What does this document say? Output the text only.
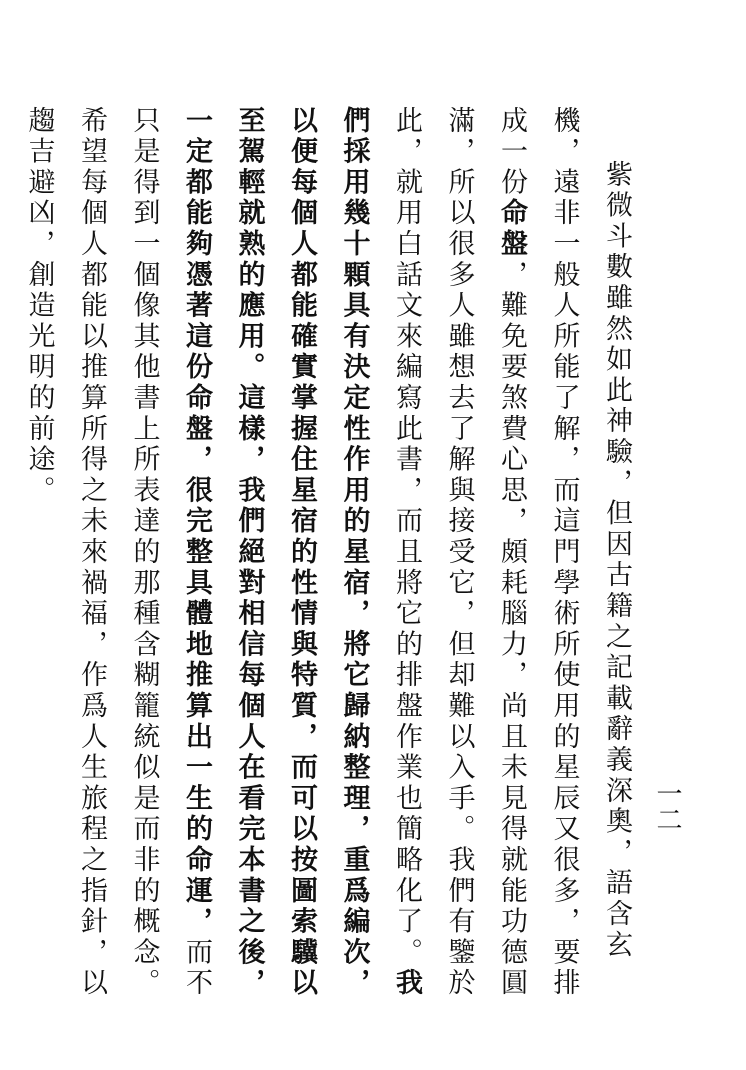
一二

紫微斗數雖然如此神驗，但因古籍之記載辭義深奧，語含玄機，遠非一般人所能了解，而這門學術所使用的星辰又很多，要排成一份命盤，難免要煞費心思，頗耗腦力，尚且未見得就能功德圓滿，所以很多人雖想去了解與接受它，但却難以入手。我們有鑒於此，就用白話文來編寫此書，而且將它的排盤作業也簡略化了。我們採用幾十顆具有決定性作用的星宿，將它歸納整理，重爲編次，以便每個人都能確實掌握住星宿的性情與特質，而可以按圖索驥以至駕輕就熟的應用。這樣，我們絕對相信每個人在看完本書之後，一定都能夠憑著這份命盤，很完整具體地推算出一生的命運，而不只是得到一個像其他書上所表達的那種含糊籠統似是而非的概念。希望每個人都能以推算所得之未來禍福，作爲人生旅程之指針，以趨吉避凶，創造光明的前途。
